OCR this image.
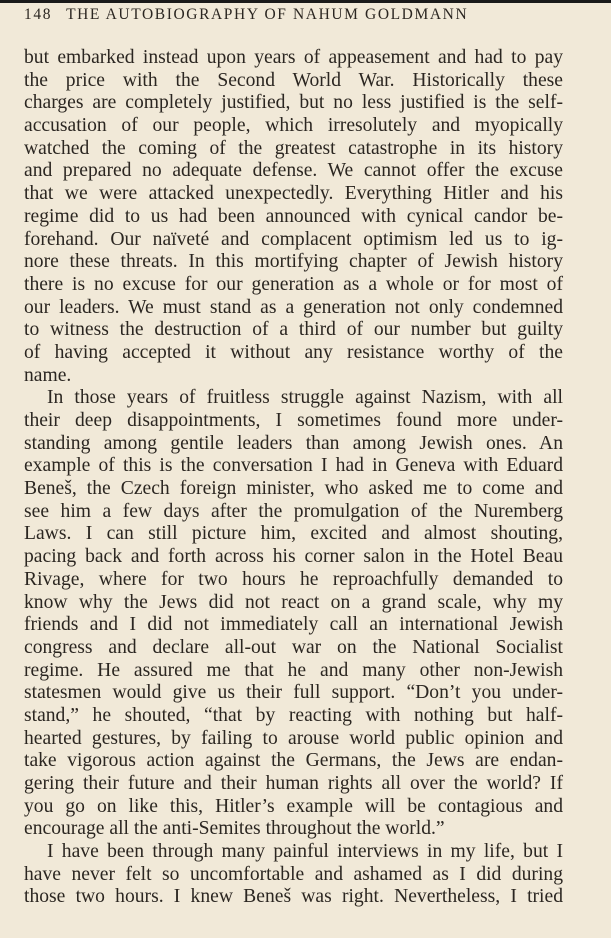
148 THE AUTOBIOGRAPHY OF NAHUM GOLDMANN
but embarked instead upon years of appeasement and had to pay
the price with the Second World War. Historically these
charges are completely justified, but no less justified is the self-
accusation of our people, which irresolutely and myopically
watched the coming of the greatest catastrophe in its history
and prepared no adequate defense. We cannot offer the excuse
that we were attacked unexpectedly. Everything Hitler and his
regime did to us had been announced with cynical candor be-
forehand. Our naïveté and complacent optimism led us to ig-
nore these threats. In this mortifying chapter of Jewish history
there is no excuse for our generation as a whole or for most of
our leaders. We must stand as a generation not only condemned
to witness the destruction of a third of our number but guilty
of having accepted it without any resistance worthy of the
name.
In those years of fruitless struggle against Nazism, with all
their deep disappointments, I sometimes found more under-
standing among gentile leaders than among Jewish ones. An
example of this is the conversation I had in Geneva with Eduard
Beneš, the Czech foreign minister, who asked me to come and
see him a few days after the promulgation of the Nuremberg
Laws. I can still picture him, excited and almost shouting,
pacing back and forth across his corner salon in the Hotel Beau
Rivage, where for two hours he reproachfully demanded to
know why the Jews did not react on a grand scale, why my
friends and I did not immediately call an international Jewish
congress and declare all-out war on the National Socialist
regime. He assured me that he and many other non-Jewish
statesmen would give us their full support. “Don’t you under-
stand,” he shouted, “that by reacting with nothing but half-
hearted gestures, by failing to arouse world public opinion and
take vigorous action against the Germans, the Jews are endan-
gering their future and their human rights all over the world? If
you go on like this, Hitler’s example will be contagious and
encourage all the anti-Semites throughout the world.”
I have been through many painful interviews in my life, but I
have never felt so uncomfortable and ashamed as I did during
those two hours. I knew Beneš was right. Nevertheless, I tried
